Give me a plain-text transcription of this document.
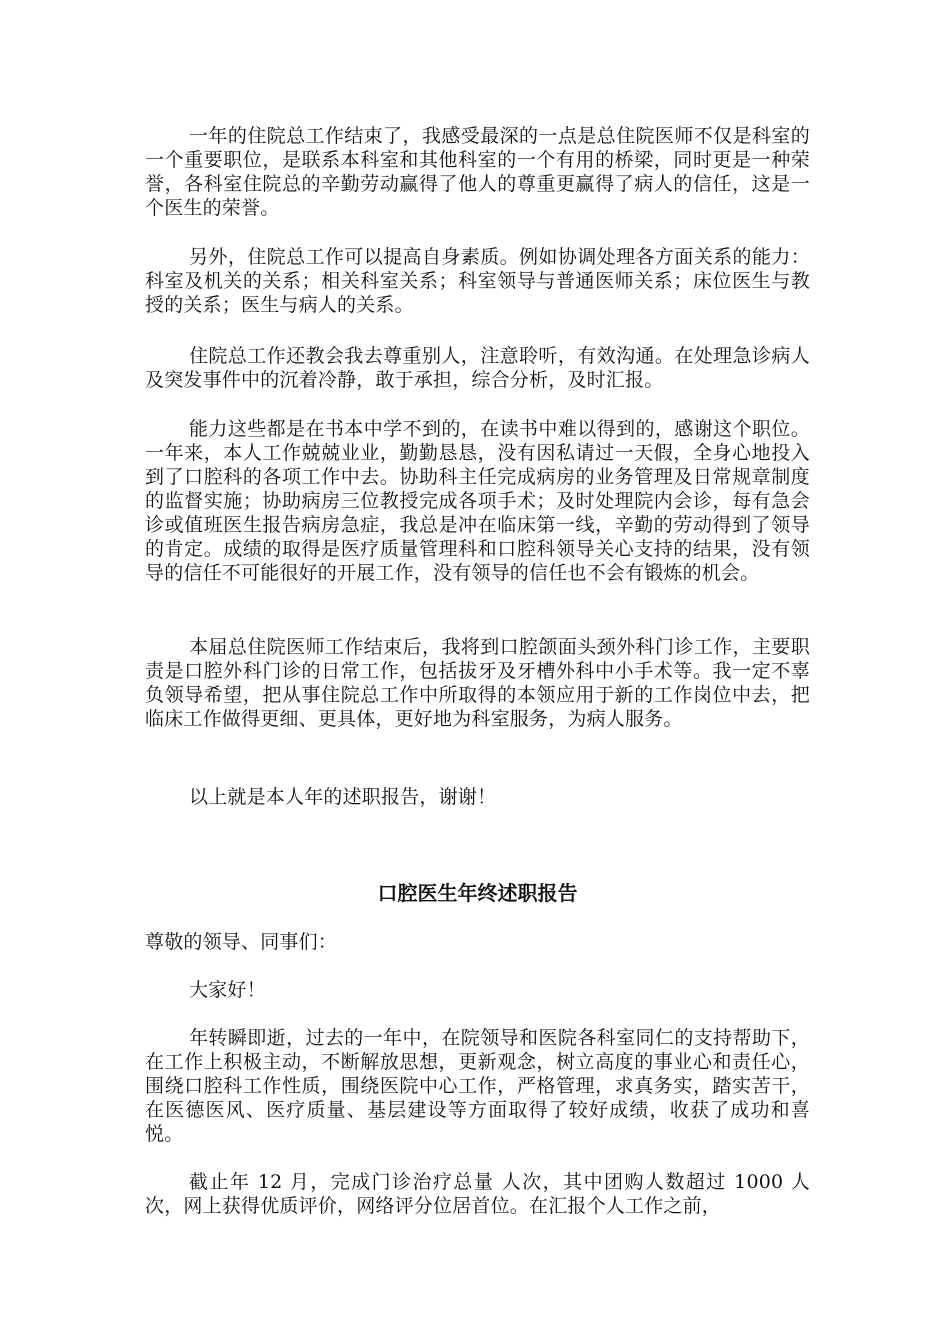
一年的住院总工作结束了，我感受最深的一点是总住院医师不仅是科室的一个重要职位，是联系本科室和其他科室的一个有用的桥梁，同时更是一种荣誉，各科室住院总的辛勤劳动赢得了他人的尊重更赢得了病人的信任，这是一个医生的荣誉。

另外，住院总工作可以提高自身素质。例如协调处理各方面关系的能力：科室及机关的关系；相关科室关系；科室领导与普通医师关系；床位医生与教授的关系；医生与病人的关系。

住院总工作还教会我去尊重别人，注意聆听，有效沟通。在处理急诊病人及突发事件中的沉着冷静，敢于承担，综合分析，及时汇报。

能力这些都是在书本中学不到的，在读书中难以得到的，感谢这个职位。一年来，本人工作兢兢业业，勤勤恳恳，没有因私请过一天假，全身心地投入到了口腔科的各项工作中去。协助科主任完成病房的业务管理及日常规章制度的监督实施；协助病房三位教授完成各项手术；及时处理院内会诊，每有急会诊或值班医生报告病房急症，我总是冲在临床第一线，辛勤的劳动得到了领导的肯定。成绩的取得是医疗质量管理科和口腔科领导关心支持的结果，没有领导的信任不可能很好的开展工作，没有领导的信任也不会有锻炼的机会。

本届总住院医师工作结束后，我将到口腔颌面头颈外科门诊工作，主要职责是口腔外科门诊的日常工作，包括拔牙及牙槽外科中小手术等。我一定不辜负领导希望，把从事住院总工作中所取得的本领应用于新的工作岗位中去，把临床工作做得更细、更具体，更好地为科室服务，为病人服务。

以上就是本人年的述职报告，谢谢！

口腔医生年终述职报告

尊敬的领导、同事们：

大家好！

年转瞬即逝，过去的一年中，在院领导和医院各科室同仁的支持帮助下，在工作上积极主动，不断解放思想，更新观念，树立高度的事业心和责任心，围绕口腔科工作性质，围绕医院中心工作，严格管理，求真务实，踏实苦干，在医德医风、医疗质量、基层建设等方面取得了较好成绩，收获了成功和喜悦。

截止年 12 月，完成门诊治疗总量 人次，其中团购人数超过 1000 人次，网上获得优质评价，网络评分位居首位。在汇报个人工作之前，
